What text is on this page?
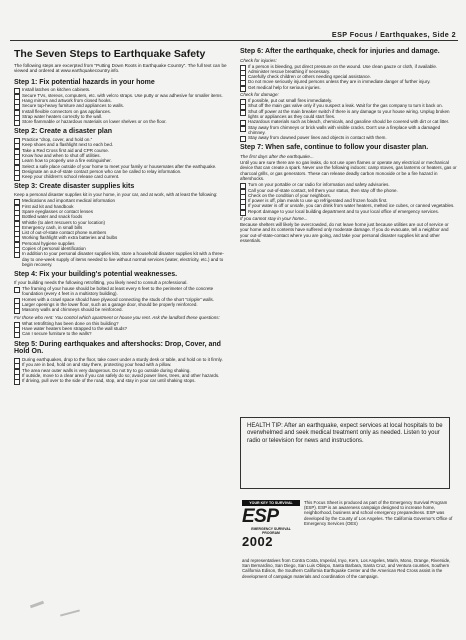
ESP Focus / Earthquakes, Side 2
The Seven Steps to Earthquake Safety
The following steps are excerpted from "Putting Down Roots in Earthquake Country". The full text can be viewed and ordered at www.earthquakecountry.info.
Step 1: Fix potential hazards in your home
Install latches on kitchen cabinets.
Secure TVs, stereos, computers, etc. with velcro straps. Use putty or wax adhesive for smaller items.
Hang mirrors and artwork from closed hooks.
Secure top-heavy furniture and appliances to walls.
Install flexible connectors on gas appliances.
Strap water heaters correctly to the wall.
Store flammable or hazardous materials on lower shelves or on the floor.
Step 2: Create a disaster plan
Practice "drop, cover, and hold on."
Keep shoes and a flashlight next to each bed.
Take a Red Cross first aid and CPR course.
Know how and when to shut off utilities.
Learn how to properly use a fire extinguisher.
Select a safe place outside of your home to meet your family or housemates after the earthquake.
Designate an out-of-state contact person who can be called to relay information.
Keep your children's school release card current.
Step 3: Create disaster supplies kits

Keep a personal disaster supplies kit in your home, in your car, and at work, with at least the following:

Medications and important medical information
First aid kit and handbook
Spare eyeglasses or contact lenses
Bottled water and snack foods
Whistle (to alert rescuers to your location)
Emergency cash, in small bills
List of out-of-state contact phone numbers
Working flashlight with extra batteries and bulbs
Personal hygiene supplies
Copies of personal identification
In addition to your personal disaster supplies kits, store a household disaster supplies kit with a three-day to one-week supply of items needed to live without normal services (water, electricity, etc.) and to begin recovery.
Step 4: Fix your building's potential weaknesses.

If your building needs the following retrofitting, you likely need to consult a professional.

The framing of your house should be bolted at least every 6 feet to the perimeter of the concrete foundation (every 4 feet in a multistory building).
Homes with a crawl space should have plywood connecting the studs of the short "cripple" walls.
Larger openings in the lower floor, such as a garage door, should be properly reinforced.
Masonry walls and chimneys should be reinforced.

For those who rent: You control which apartment or house you rent. Ask the landlord these questions:

What retrofitting has been done on this building?
Have water heaters been strapped to the wall studs?
Can I secure furniture to the walls?
Step 5: During earthquakes and aftershocks: Drop, Cover, and Hold On.
During earthquakes, drop to the floor, take cover under a sturdy desk or table, and hold on to it firmly.
If you are in bed, hold on and stay there, protecting your head with a pillow.
The area near outer walls is very dangerous. Do not try to go outside during shaking.
If outside, move to a clear area if you can safely do so; avoid power lines, trees, and other hazards.
If driving, pull over to the side of the road, stop, and stay in your car until shaking stops.
Step 6: After the earthquake, check for injuries and damage.
Check for injuries:
If a person is bleeding, put direct pressure on the wound. Use clean gauze or cloth, if available.
Administer rescue breathing if necessary.
Carefully check children or others needing special assistance.
Do not move seriously injured persons unless they are in immediate danger of further injury.
Get medical help for serious injuries.
Check for damage:
If possible, put out small fires immediately.
Shut off the main gas valve only if you suspect a leak. Wait for the gas company to turn it back on.
Shut off power at the main breaker switch if there is any damage to your house wiring. Unplug broken lights or appliances as they could start fires.
Hazardous materials such as bleach, chemicals, and gasoline should be covered with dirt or cat litter.
Stay away from chimneys or brick walls with visible cracks. Don't use a fireplace with a damaged chimney.
Stay away from downed power lines and objects in contact with them.
Step 7: When safe, continue to follow your disaster plan.
The first days after the earthquake...

Until you are sure there are no gas leaks, do not use open flames or operate any electrical or mechanical device that can create a spark. Never use the following indoors: camp stoves, gas lanterns or heaters, gas or charcoal grills, or gas generators. These can release deadly carbon monoxide or be a fire hazard in aftershocks.

Turn on your portable or car radio for information and safety advisories.
Call your out-of-state contact, tell them your status, then stay off the phone.
Check on the condition of your neighbors.
If power is off, plan meals to use up refrigerated and frozen foods first.
If your water is off or unsafe, you can drink from water heaters, melted ice cubes, or canned vegetables.
Report damage to your local building department and to your local office of emergency services.
If you cannot stay in your home...

Because shelters will likely be overcrowded, do not leave home just because utilities are out of service or your home and its contents have suffered only moderate damage. If you do evacuate, tell a neighbor and your out-of-state-contact where you are going, and take your personal disaster supplies kit and other essentials.

HEALTH TIP: After an earthquake, expect services at local hospitals to be overwhelmed and seek medical treatment only as needed. Listen to your radio or television for news and instructions.
YOUR KEY TO SURVIVAL
ESP
EMERGENCY SURVIVAL PROGRAM
2002
This Focus Sheet is produced as part of the Emergency Survival Program (ESP). ESP is an awareness campaign designed to increase home, neighborhood, business and school emergency preparedness. ESP was developed by the County of Los Angeles. The California Governor's Office of Emergency Services (OES)
and representatives from Contra Costa, Imperial, Inyo, Kern, Los Angeles, Marin, Mono, Orange, Riverside, San Bernardino, San Diego, San Luis Obispo, Santa Barbara, Santa Cruz, and Ventura counties, Southern California Edison, the Southern California Earthquake Center and the American Red Cross assist in the development of campaign materials and coordination of the campaign.
